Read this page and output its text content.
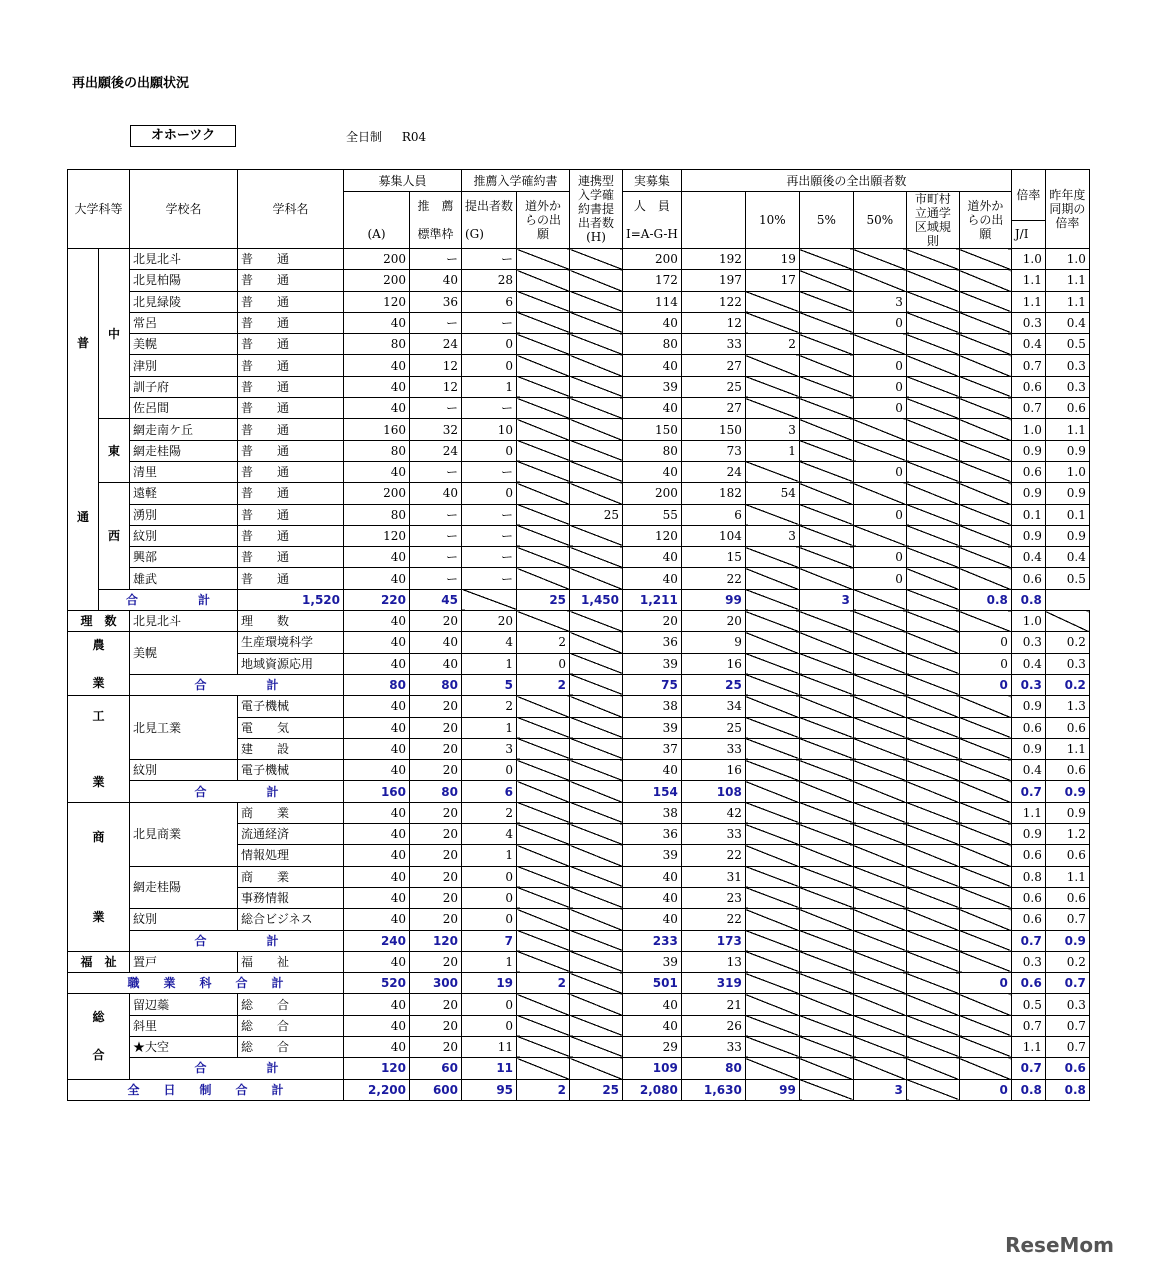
再出願後の出願状況
オホーツク	全日制 R04
大学科等		学校名	学科名	募集人員		推薦入学確約書		連携型入学確約書提出者数(H)	実募集	再出願後の全出願者数						倍率	昨年度同期の倍率
					推　薦	提出者数	道外からの出願		人　員		10%	5%	50%	市町村立通学区域規則	道外からの出願		
				(A)	標準枠	(G)			I=A-G-H							J/I	

普
通	中	北見北斗	普　　通	200	ー	ー			200	192	19					1.0	1.0
		北見柏陽	普　　通	200	40	28			172	197	17					1.1	1.1
		北見緑陵	普　　通	120	36	6			114	122			3			1.1	1.1
		常呂	普　　通	40	ー	ー			40	12			0			0.3	0.4
		美幌	普　　通	80	24	0			80	33	2					0.4	0.5
		津別	普　　通	40	12	0			40	27			0			0.7	0.3
		訓子府	普　　通	40	12	1			39	25			0			0.6	0.3
		佐呂間	普　　通	40	ー	ー			40	27			0			0.7	0.6
	東	網走南ケ丘	普　　通	160	32	10			150	150	3					1.0	1.1
		網走桂陽	普　　通	80	24	0			80	73	1					0.9	0.9
		清里	普　　通	40	ー	ー			40	24			0			0.6	1.0
	西	遠軽	普　　通	200	40	0			200	182	54					0.9	0.9
		湧別	普　　通	80	ー	ー		25	55	6			0			0.1	0.1
		紋別	普　　通	120	ー	ー			120	104	3					0.9	0.9
		興部	普　　通	40	ー	ー			40	15			0			0.4	0.4
		雄武	普　　通	40	ー	ー			40	22			0			0.6	0.5
	合　　　　　計		1,520	220	45		25	1,450	1,211	99		3			0.8	0.8	
理　数		北見北斗	理　　数	40	20	20			20	20						1.0	

農
業		美幌	生産環境科学	40	40	4	2		36	9					0	0.3	0.2
			地域資源応用	40	40	1	0		39	16					0	0.4	0.3
		合　　　　　計		80	80	5	2		75	25					0	0.3	0.2

工
業		北見工業	電子機械	40	20	2			38	34						0.9	1.3
			電　　気	40	20	1			39	25						0.6	0.6
			建　　設	40	20	3			37	33						0.9	1.1
		紋別	電子機械	40	20	0			40	16						0.4	0.6
		合　　　　　計		160	80	6			154	108						0.7	0.9

商
業		北見商業	商　　業	40	20	2			38	42						1.1	0.9
			流通経済	40	20	4			36	33						0.9	1.2
			情報処理	40	20	1			39	22						0.6	0.6
		網走桂陽	商　　業	40	20	0			40	31						0.8	1.1
			事務情報	40	20	0			40	23						0.6	0.6
		紋別	総合ビジネス	40	20	0			40	22						0.6	0.7
		合　　　　　計		240	120	7			233	173						0.7	0.9
福　祉		置戸	福　　祉	40	20	1			39	13						0.3	0.2
職　　業　　科　　合　　計				520	300	19	2		501	319					0	0.6	0.7

総
合		留辺蘂	総　　合	40	20	0			40	21						0.5	0.3
		斜里	総　　合	40	20	0			40	26						0.7	0.7
		★大空	総　　合	40	20	11			29	33						1.1	0.7
		合　　　　　計		120	60	11			109	80						0.7	0.6
全　　日　　制　　合　　計				2,200	600	95	2	25	2,080	1,630	99		3		0	0.8	0.8
ReseMom
